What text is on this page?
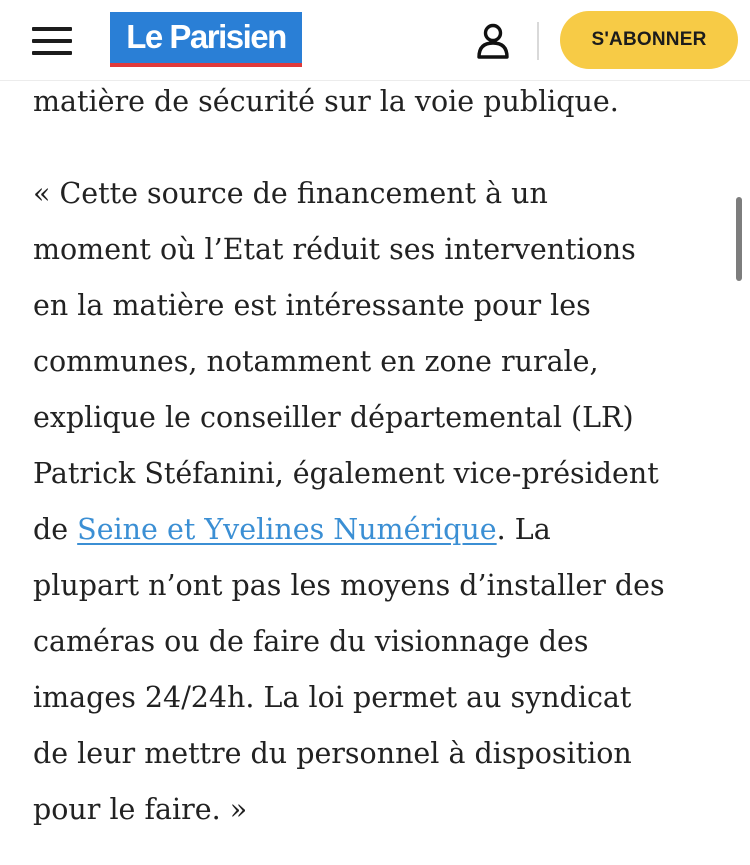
matière de sécurité sur la voie publique.

« Cette source de financement à un
moment où l’Etat réduit ses interventions
en la matière est intéressante pour les
communes, notamment en zone rurale,
explique le conseiller départemental (LR)
Patrick Stéfanini, également vice-président
de Seine et Yvelines Numérique. La
plupart n’ont pas les moyens d’installer des
caméras ou de faire du visionnage des
images 24/24h. La loi permet au syndicat
de leur mettre du personnel à disposition
pour le faire. »

Le Parisien	S'ABONNER
